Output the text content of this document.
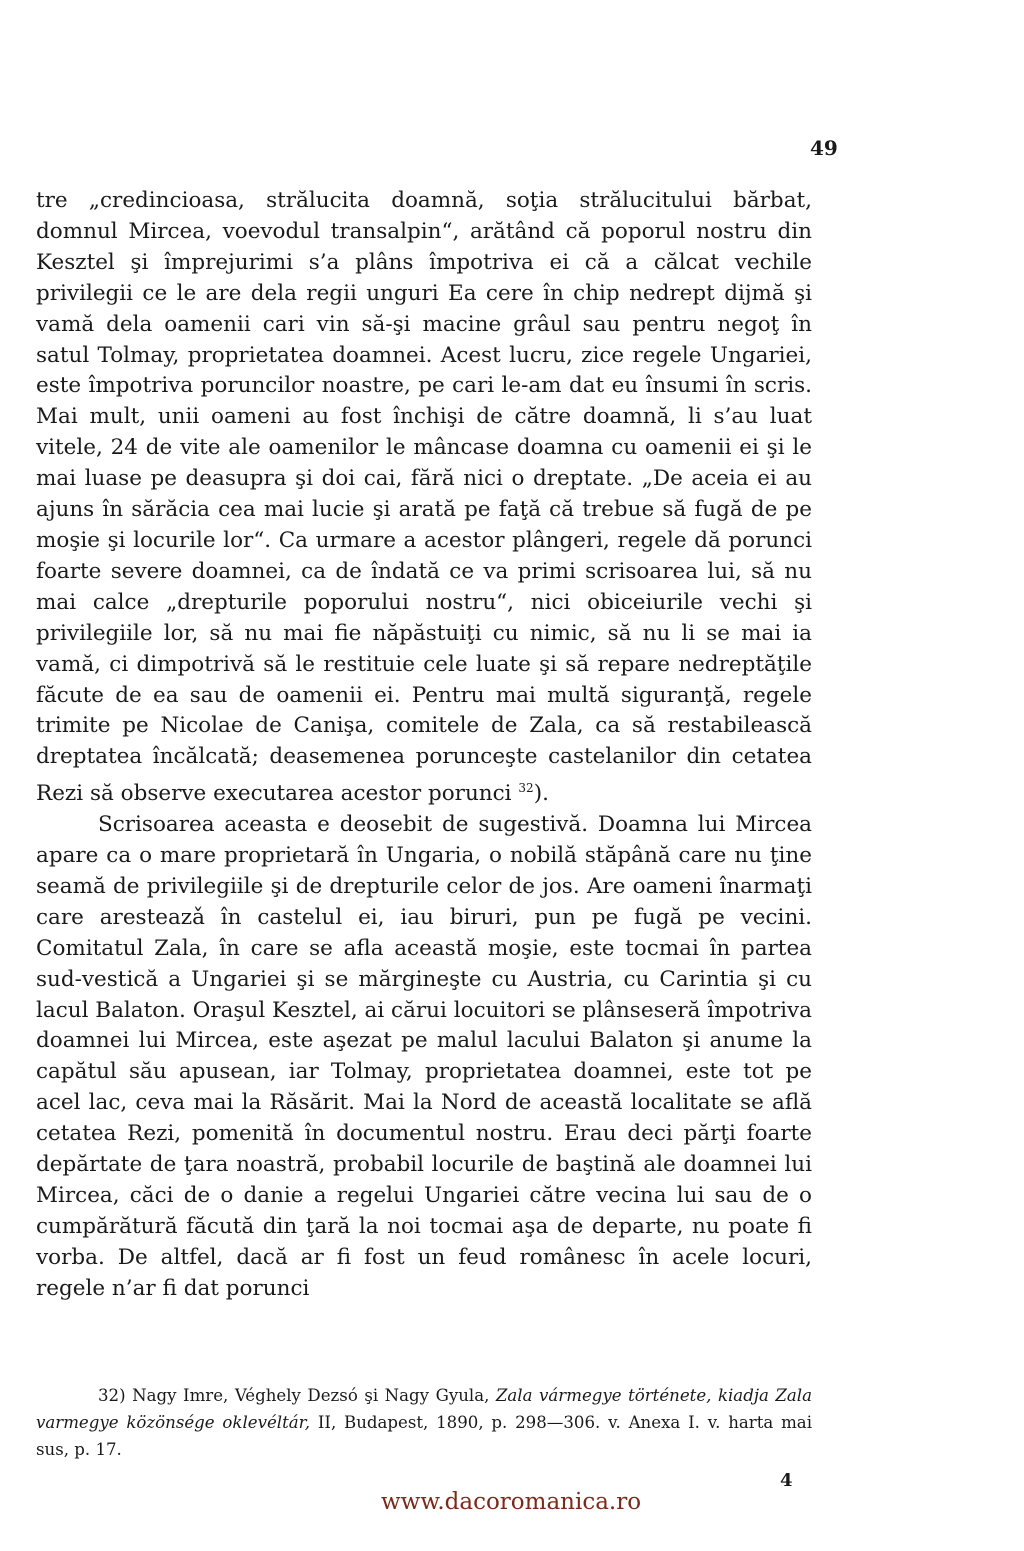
49

tre „credincioasa, strălucita doamnă, soţia strălucitului bărbat, domnul Mircea, voevodul transalpin“, arătând că poporul nostru din Kesztel şi împrejurimi s’a plâns împotriva ei că a călcat vechile privilegii ce le are dela regii unguri Ea cere în chip nedrept dijmă şi vamă dela oamenii cari vin să-şi macine grâul sau pentru negoţ în satul Tolmay, proprietatea doamnei. Acest lucru, zice regele Ungariei, este împotriva poruncilor noastre, pe cari le-am dat eu însumi în scris. Mai mult, unii oameni au fost închişi de către doamnă, li s’au luat vitele, 24 de vite ale oamenilor le mâncase doamna cu oamenii ei şi le mai luase pe deasupra şi doi cai, fără nici o dreptate. „De aceia ei au ajuns în sărăcia cea mai lucie şi arată pe faţă că trebue să fugă de pe moşie şi locurile lor“. Ca urmare a acestor plângeri, regele dă porunci foarte severe doamnei, ca de îndată ce va primi scrisoarea lui, să nu mai calce „drepturile poporului nostru“, nici obiceiurile vechi şi privilegiile lor, să nu mai fie năpăstuiţi cu nimic, să nu li se mai ia vamă, ci dimpotrivă să le restituie cele luate şi să repare nedreptăţile făcute de ea sau de oamenii ei. Pentru mai multă siguranţă, regele trimite pe Nicolae de Canişa, comitele de Zala, ca să restabilească dreptatea încălcată; deasemenea porunceşte castelanilor din cetatea Rezi să observe executarea acestor porunci $^{32}$).

Scrisoarea aceasta e deosebit de sugestivă. Doamna lui Mircea apare ca o mare proprietară în Ungaria, o nobilă stăpână care nu ţine seamă de privilegiile şi de drepturile celor de jos. Are oameni înarmaţi care aresteazǎ în castelul ei, iau biruri, pun pe fugă pe vecini. Comitatul Zala, în care se afla această moşie, este tocmai în partea sud-vestică a Ungariei şi se mărgineşte cu Austria, cu Carintia şi cu lacul Balaton. Oraşul Kesztel, ai cărui locuitori se plânseseră împotriva doamnei lui Mircea, este aşezat pe malul lacului Balaton şi anume la capătul său apusean, iar Tolmay, proprietatea doamnei, este tot pe acel lac, ceva mai la Răsărit. Mai la Nord de această localitate se află cetatea Rezi, pomenită în documentul nostru. Erau deci părţi foarte depărtate de ţara noastră, probabil locurile de baştină ale doamnei lui Mircea, căci de o danie a regelui Ungariei către vecina lui sau de o cumpărătură făcută din ţară la noi tocmai aşa de departe, nu poate fi vorba. De altfel, dacă ar fi fost un feud românesc în acele locuri, regele n’ar fi dat porunci

32) Nagy Imre, Véghely Dezsó şi Nagy Gyula, Zala vármegye története, kiadja Zala varmegye közönsége oklevéltár, II, Budapest, 1890, p. 298—306. v. Anexa I. v. harta mai sus, p. 17.

4
www.dacoromanica.ro
